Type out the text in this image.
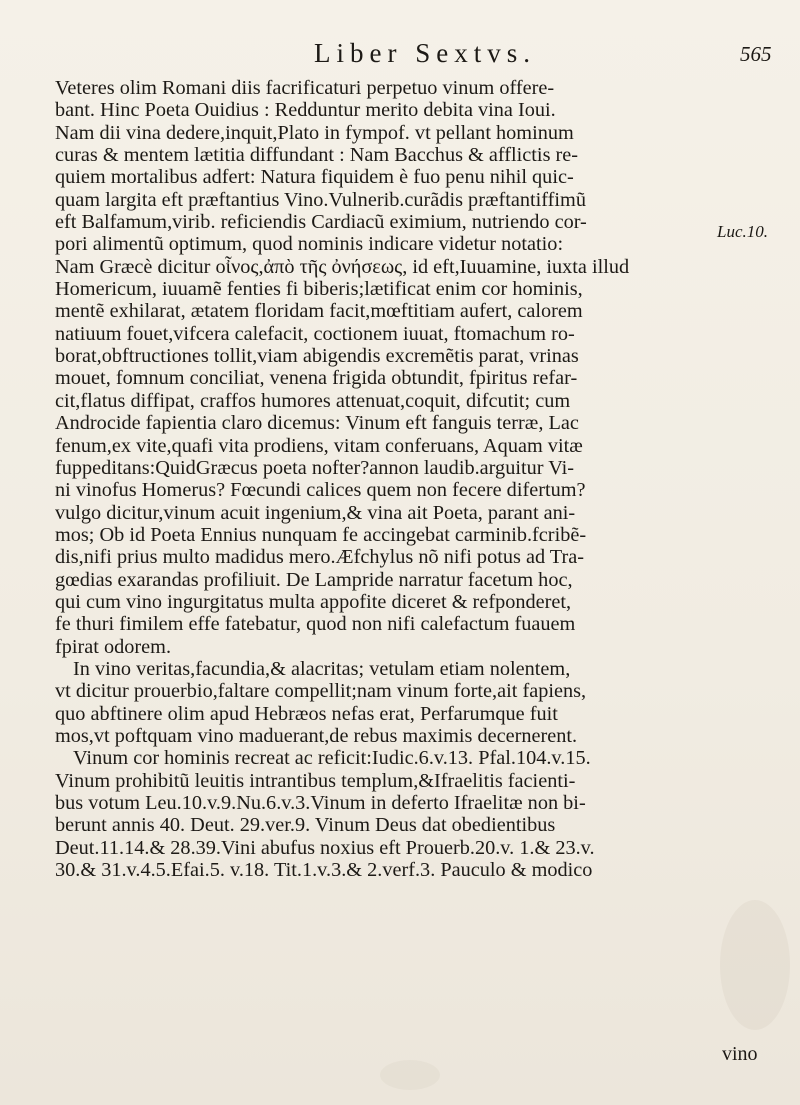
Liber Sextvs.	565
Veteres olim Romani diis facrificaturi perpetuo vinum offere-
bant. Hinc Poeta Ouidius : Redduntur merito debita vina Ioui.
Nam dii vina dedere,inquit,Plato in fympof. vt pellant hominum
curas & mentem lætitia diffundant : Nam Bacchus & afflictis re-
quiem mortalibus adfert: Natura fiquidem è fuo penu nihil quic-
quam largita eft præftantius Vino.Vulnerib.curãdis præftantiffimũ
eft Balfamum,virib. reficiendis Cardiacũ eximium, nutriendo cor-
pori alimentũ optimum, quod nominis indicare videtur notatio:
Nam Græcè dicitur οἶνος,ἀπὸ τῆς ὀνήσεως, id eft,Iuuamine, iuxta illud
Homericum, iuuamẽ fenties fi biberis;lætificat enim cor hominis,
mentẽ exhilarat, ætatem floridam facit,mœftitiam aufert, calorem
natiuum fouet,vifcera calefacit, coctionem iuuat, ftomachum ro-
borat,obftructiones tollit,viam abigendis excremẽtis parat, vrinas
mouet, fomnum conciliat, venena frigida obtundit, fpiritus refar-
cit,flatus diffipat, craffos humores attenuat,coquit, difcutit; cum
Androcide fapientia claro dicemus: Vinum eft fanguis terræ, Lac
fenum,ex vite,quafi vita prodiens, vitam conferuans, Aquam vitæ
fuppeditans:QuidGræcus poeta nofter?annon laudib.arguitur Vi-
ni vinofus Homerus? Fœcundi calices quem non fecere difertum?
vulgo dicitur,vinum acuit ingenium,& vina ait Poeta, parant ani-
mos; Ob id Poeta Ennius nunquam fe accingebat carminib.fcribẽ-
dis,nifi prius multo madidus mero.Æfchylus nõ nifi potus ad Tra-
gœdias exarandas profiliuit. De Lampride narratur facetum hoc,
qui cum vino ingurgitatus multa appofite diceret & refponderet,
fe thuri fimilem effe fatebatur, quod non nifi calefactum fuauem
fpirat odorem.
In vino veritas,facundia,& alacritas; vetulam etiam nolentem,
vt dicitur prouerbio,faltare compellit;nam vinum forte,ait fapiens,
quo abftinere olim apud Hebræos nefas erat, Perfarumque fuit
mos,vt poftquam vino maduerant,de rebus maximis decernerent.
Vinum cor hominis recreat ac reficit:Iudic.6.v.13. Pfal.104.v.15.
Vinum prohibitũ leuitis intrantibus templum,&Ifraelitis facienti-
bus votum Leu.10.v.9.Nu.6.v.3.Vinum in deferto Ifraelitæ non bi-
berunt annis 40. Deut. 29.ver.9. Vinum Deus dat obedientibus
Deut.11.14.& 28.39.Vini abufus noxius eft Prouerb.20.v. 1.& 23.v.
30.& 31.v.4.5.Efai.5. v.18. Tit.1.v.3.& 2.verf.3. Pauculo & modico
Luc.10.
vino
